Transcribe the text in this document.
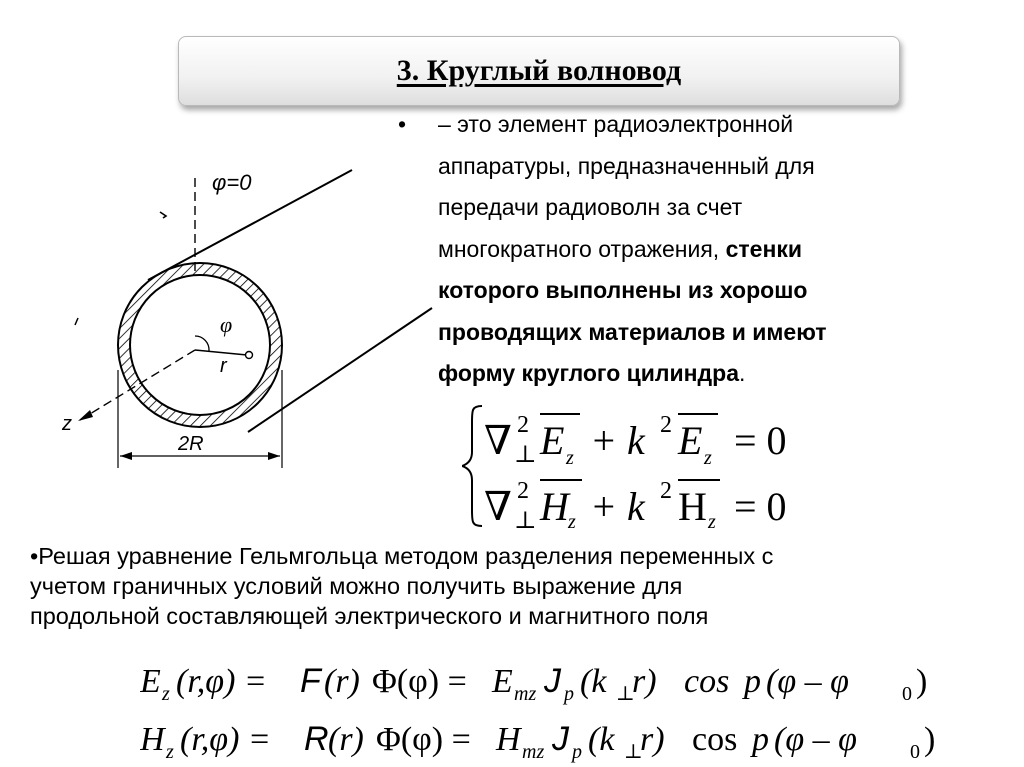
3. Круглый волновод
φ=0
φ
r
z
2R
• – это элемент радиоэлектронной
аппаратуры, предназначенный для
передачи радиоволн за счет
многократного отражения, стенки
которого выполнены из хорошо
проводящих материалов и имеют
форму круглого цилиндра.
∇ 2
⊥ E z + k 2 E z = 0
∇ 2
⊥ H z + k 2 H z = 0
•Решая уравнение Гельмгольца методом разделения переменных с
учетом граничных условий можно получить выражение для
продольной составляющей электрического и магнитного поля
E z (r,φ) = F (r) Φ(φ) = E mz J p (k ⊥
r) cos p (φ – φ	0 )
H z (r,φ) = R (r) Φ(φ) = H mz J p (k ⊥
r) cos p (φ – φ	0 )
